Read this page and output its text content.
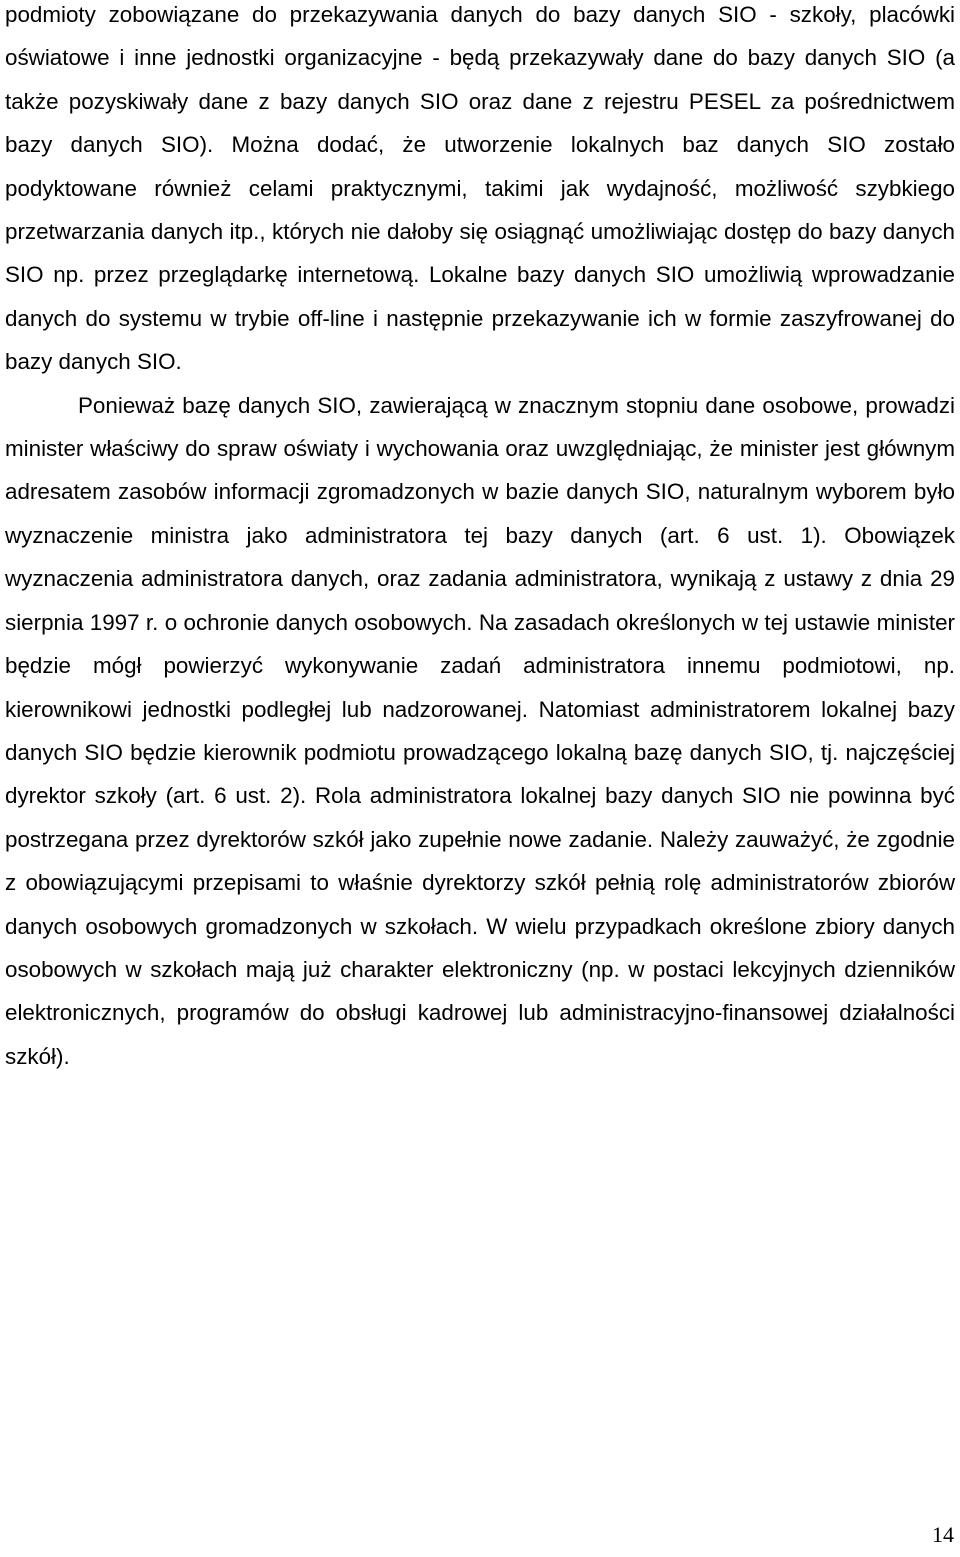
podmioty zobowiązane do przekazywania danych do bazy danych SIO - szkoły, placówki oświatowe i inne jednostki organizacyjne - będą przekazywały dane do bazy danych SIO (a także pozyskiwały dane z bazy danych SIO oraz dane z rejestru PESEL za pośrednictwem bazy danych SIO). Można dodać, że utworzenie lokalnych baz danych SIO zostało podyktowane również celami praktycznymi, takimi jak wydajność, możliwość szybkiego przetwarzania danych itp., których nie dałoby się osiągnąć umożliwiając dostęp do bazy danych SIO np. przez przeglądarkę internetową. Lokalne bazy danych SIO umożliwią wprowadzanie danych do systemu w trybie off-line i następnie przekazywanie ich w formie zaszyfrowanej do bazy danych SIO.

Ponieważ bazę danych SIO, zawierającą w znacznym stopniu dane osobowe, prowadzi minister właściwy do spraw oświaty i wychowania oraz uwzględniając, że minister jest głównym adresatem zasobów informacji zgromadzonych w bazie danych SIO, naturalnym wyborem było wyznaczenie ministra jako administratora tej bazy danych (art. 6 ust. 1). Obowiązek wyznaczenia administratora danych, oraz zadania administratora, wynikają z ustawy z dnia 29 sierpnia 1997 r. o ochronie danych osobowych. Na zasadach określonych w tej ustawie minister będzie mógł powierzyć wykonywanie zadań administratora innemu podmiotowi, np. kierownikowi jednostki podległej lub nadzorowanej. Natomiast administratorem lokalnej bazy danych SIO będzie kierownik podmiotu prowadzącego lokalną bazę danych SIO, tj. najczęściej dyrektor szkoły (art. 6 ust. 2). Rola administratora lokalnej bazy danych SIO nie powinna być postrzegana przez dyrektorów szkół jako zupełnie nowe zadanie. Należy zauważyć, że zgodnie z obowiązującymi przepisami to właśnie dyrektorzy szkół pełnią rolę administratorów zbiorów danych osobowych gromadzonych w szkołach. W wielu przypadkach określone zbiory danych osobowych w szkołach mają już charakter elektroniczny (np. w postaci lekcyjnych dzienników elektronicznych, programów do obsługi kadrowej lub administracyjno-finansowej działalności szkół).

14
